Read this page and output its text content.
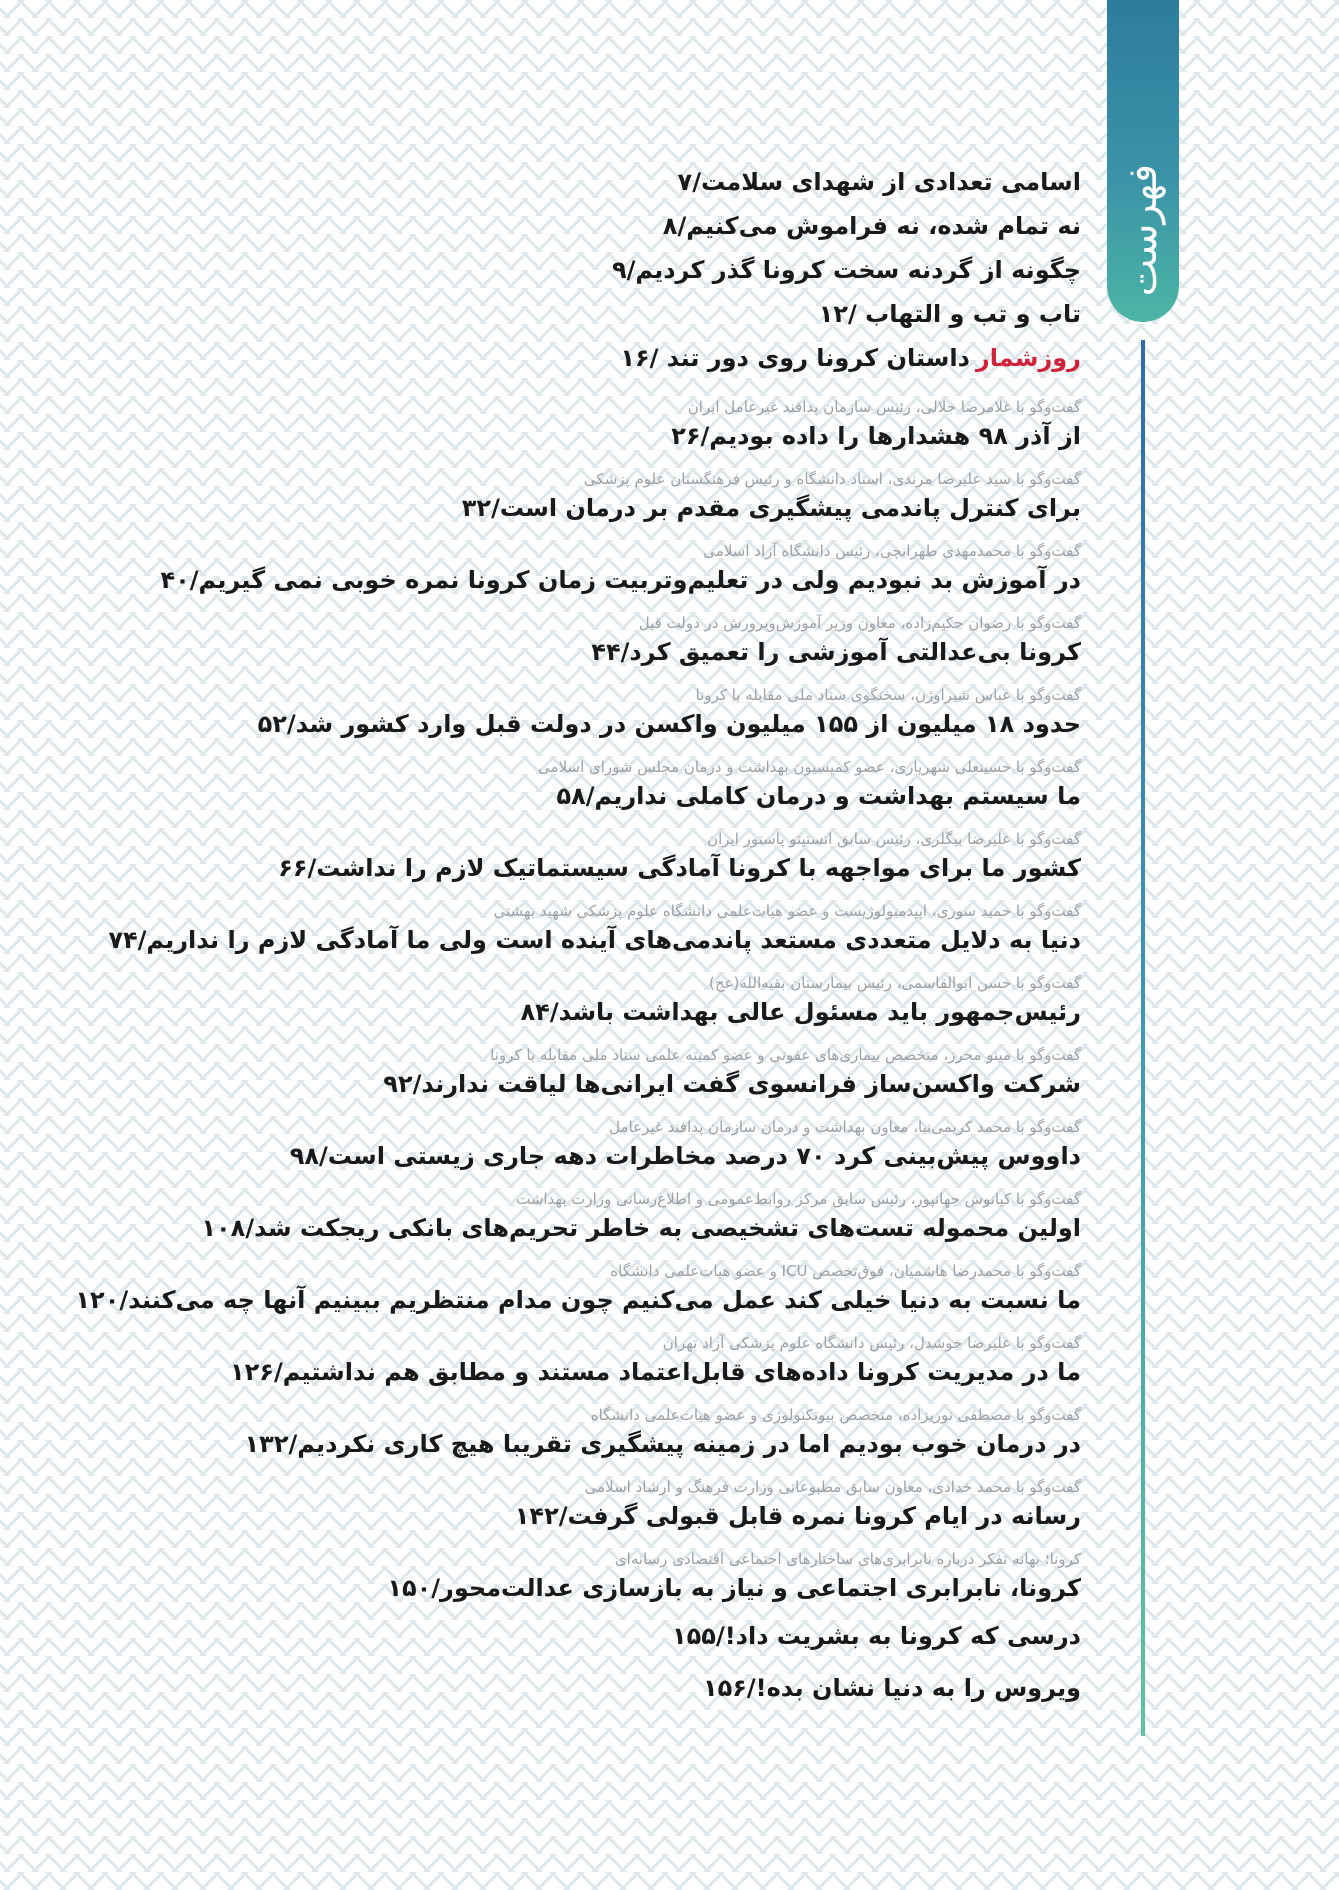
فهرست
اسامی تعدادی از شهدای سلامت/۷
نه تمام شده، نه فراموش می‌کنیم/۸
چگونه از گردنه سخت کرونا گذر کردیم/۹
تاب و تب و التهاب /۱۲
روزشمارداستان کرونا روی دور تند /۱۶
گفت‌وگو با غلامرضا جلالی، رئیس سازمان پدافند غیرعامل ایران
از آذر ۹۸ هشدارها را داده بودیم/۲۶
گفت‌وگو با سید علیرضا مرندی، استاد دانشگاه و رئیس فرهنگستان علوم پزشکی
برای کنترل پاندمی پیشگیری مقدم بر درمان است/۳۲
گفت‌وگو با محمدمهدی طهرانچی، رئیس دانشگاه آزاد اسلامی
در آموزش بد نبودیم ولی در تعلیم‌وتربیت زمان کرونا نمره خوبی نمی گیریم/۴۰
گفت‌وگو با رضوان حکیم‌زاده، معاون وزیر آموزش‌وپرورش در دولت قبل
کرونا بی‌عدالتی آموزشی را تعمیق کرد/۴۴
گفت‌وگو با عباس شیراوژن، سخنگوی ستاد ملی مقابله با کرونا
حدود ۱۸ میلیون از ۱۵۵ میلیون واکسن در دولت قبل وارد کشور شد/۵۲
گفت‌وگو با حسینعلی شهریاری، عضو کمیسیون بهداشت و درمان مجلس شورای اسلامی
ما سیستم بهداشت و درمان کاملی نداریم/۵۸
گفت‌وگو با علیرضا بیگلری، رئیس سابق انستیتو پاستور ایران
کشور ما برای مواجهه با کرونا آمادگی سیستماتیک لازم را نداشت/۶۶
گفت‌وگو با حمید سوری، اپیدمیولوژیست و عضو هیات‌علمی دانشگاه علوم پزشکی شهید بهشتی
دنیا به دلایل متعددی مستعد پاندمی‌های آینده است ولی ما آمادگی لازم را نداریم/۷۴
گفت‌وگو با حسن ابوالقاسمی، رئیس بیمارستان بقیه‌الله(عج)
رئیس‌جمهور باید مسئول عالی بهداشت باشد/۸۴
گفت‌وگو با مینو محرز، متخصص بیماری‌های عفونی و عضو کمیته علمی ستاد ملی مقابله با کرونا
شرکت واکسن‌ساز فرانسوی گفت ایرانی‌ها لیاقت ندارند/۹۲
گفت‌وگو با محمد کریمی‌نیا، معاون بهداشت و درمان سازمان پدافند غیرعامل
داووس پیش‌بینی کرد ۷۰ درصد مخاطرات دهه جاری زیستی است/۹۸
گفت‌وگو با کیانوش جهانپور، رئیس سابق مرکز روابط‌عمومی و اطلاع‌رسانی وزارت بهداشت
اولین محموله تست‌های تشخیصی به خاطر تحریم‌های بانکی ریجکت شد/۱۰۸
گفت‌وگو با محمدرضا هاشمیان، فوق‌تخصص ICU و عضو هیات‌علمی دانشگاه
ما نسبت به دنیا خیلی کند عمل می‌کنیم چون مدام منتظریم ببینیم آنها چه می‌کنند/۱۲۰
گفت‌وگو با علیرضا خوشدل، رئیس دانشگاه علوم پزشکی آزاد تهران
ما در مدیریت کرونا داده‌های قابل‌اعتماد مستند و مطابق هم نداشتیم/۱۲۶
گفت‌وگو با مصطفی نوریزاده، متخصص بیوتکنولوژی و عضو هیات‌علمی دانشگاه
در درمان خوب بودیم اما در زمینه پیشگیری تقریبا هیچ کاری نکردیم/۱۳۲
گفت‌وگو با محمد خدادی، معاون سابق مطبوعاتی وزارت فرهنگ و ارشاد اسلامی
رسانه در ایام کرونا نمره قابل قبولی گرفت/۱۴۲
کرونا؛ بهانه تفکر درباره نابرابری‌های ساختارهای اجتماعی اقتصادی رسانه‌ای
کرونا، نابرابری اجتماعی و نیاز به بازسازی عدالت‌محور/۱۵۰
درسی که کرونا به بشریت داد!/۱۵۵
ویروس را به دنیا نشان بده!/۱۵۶
